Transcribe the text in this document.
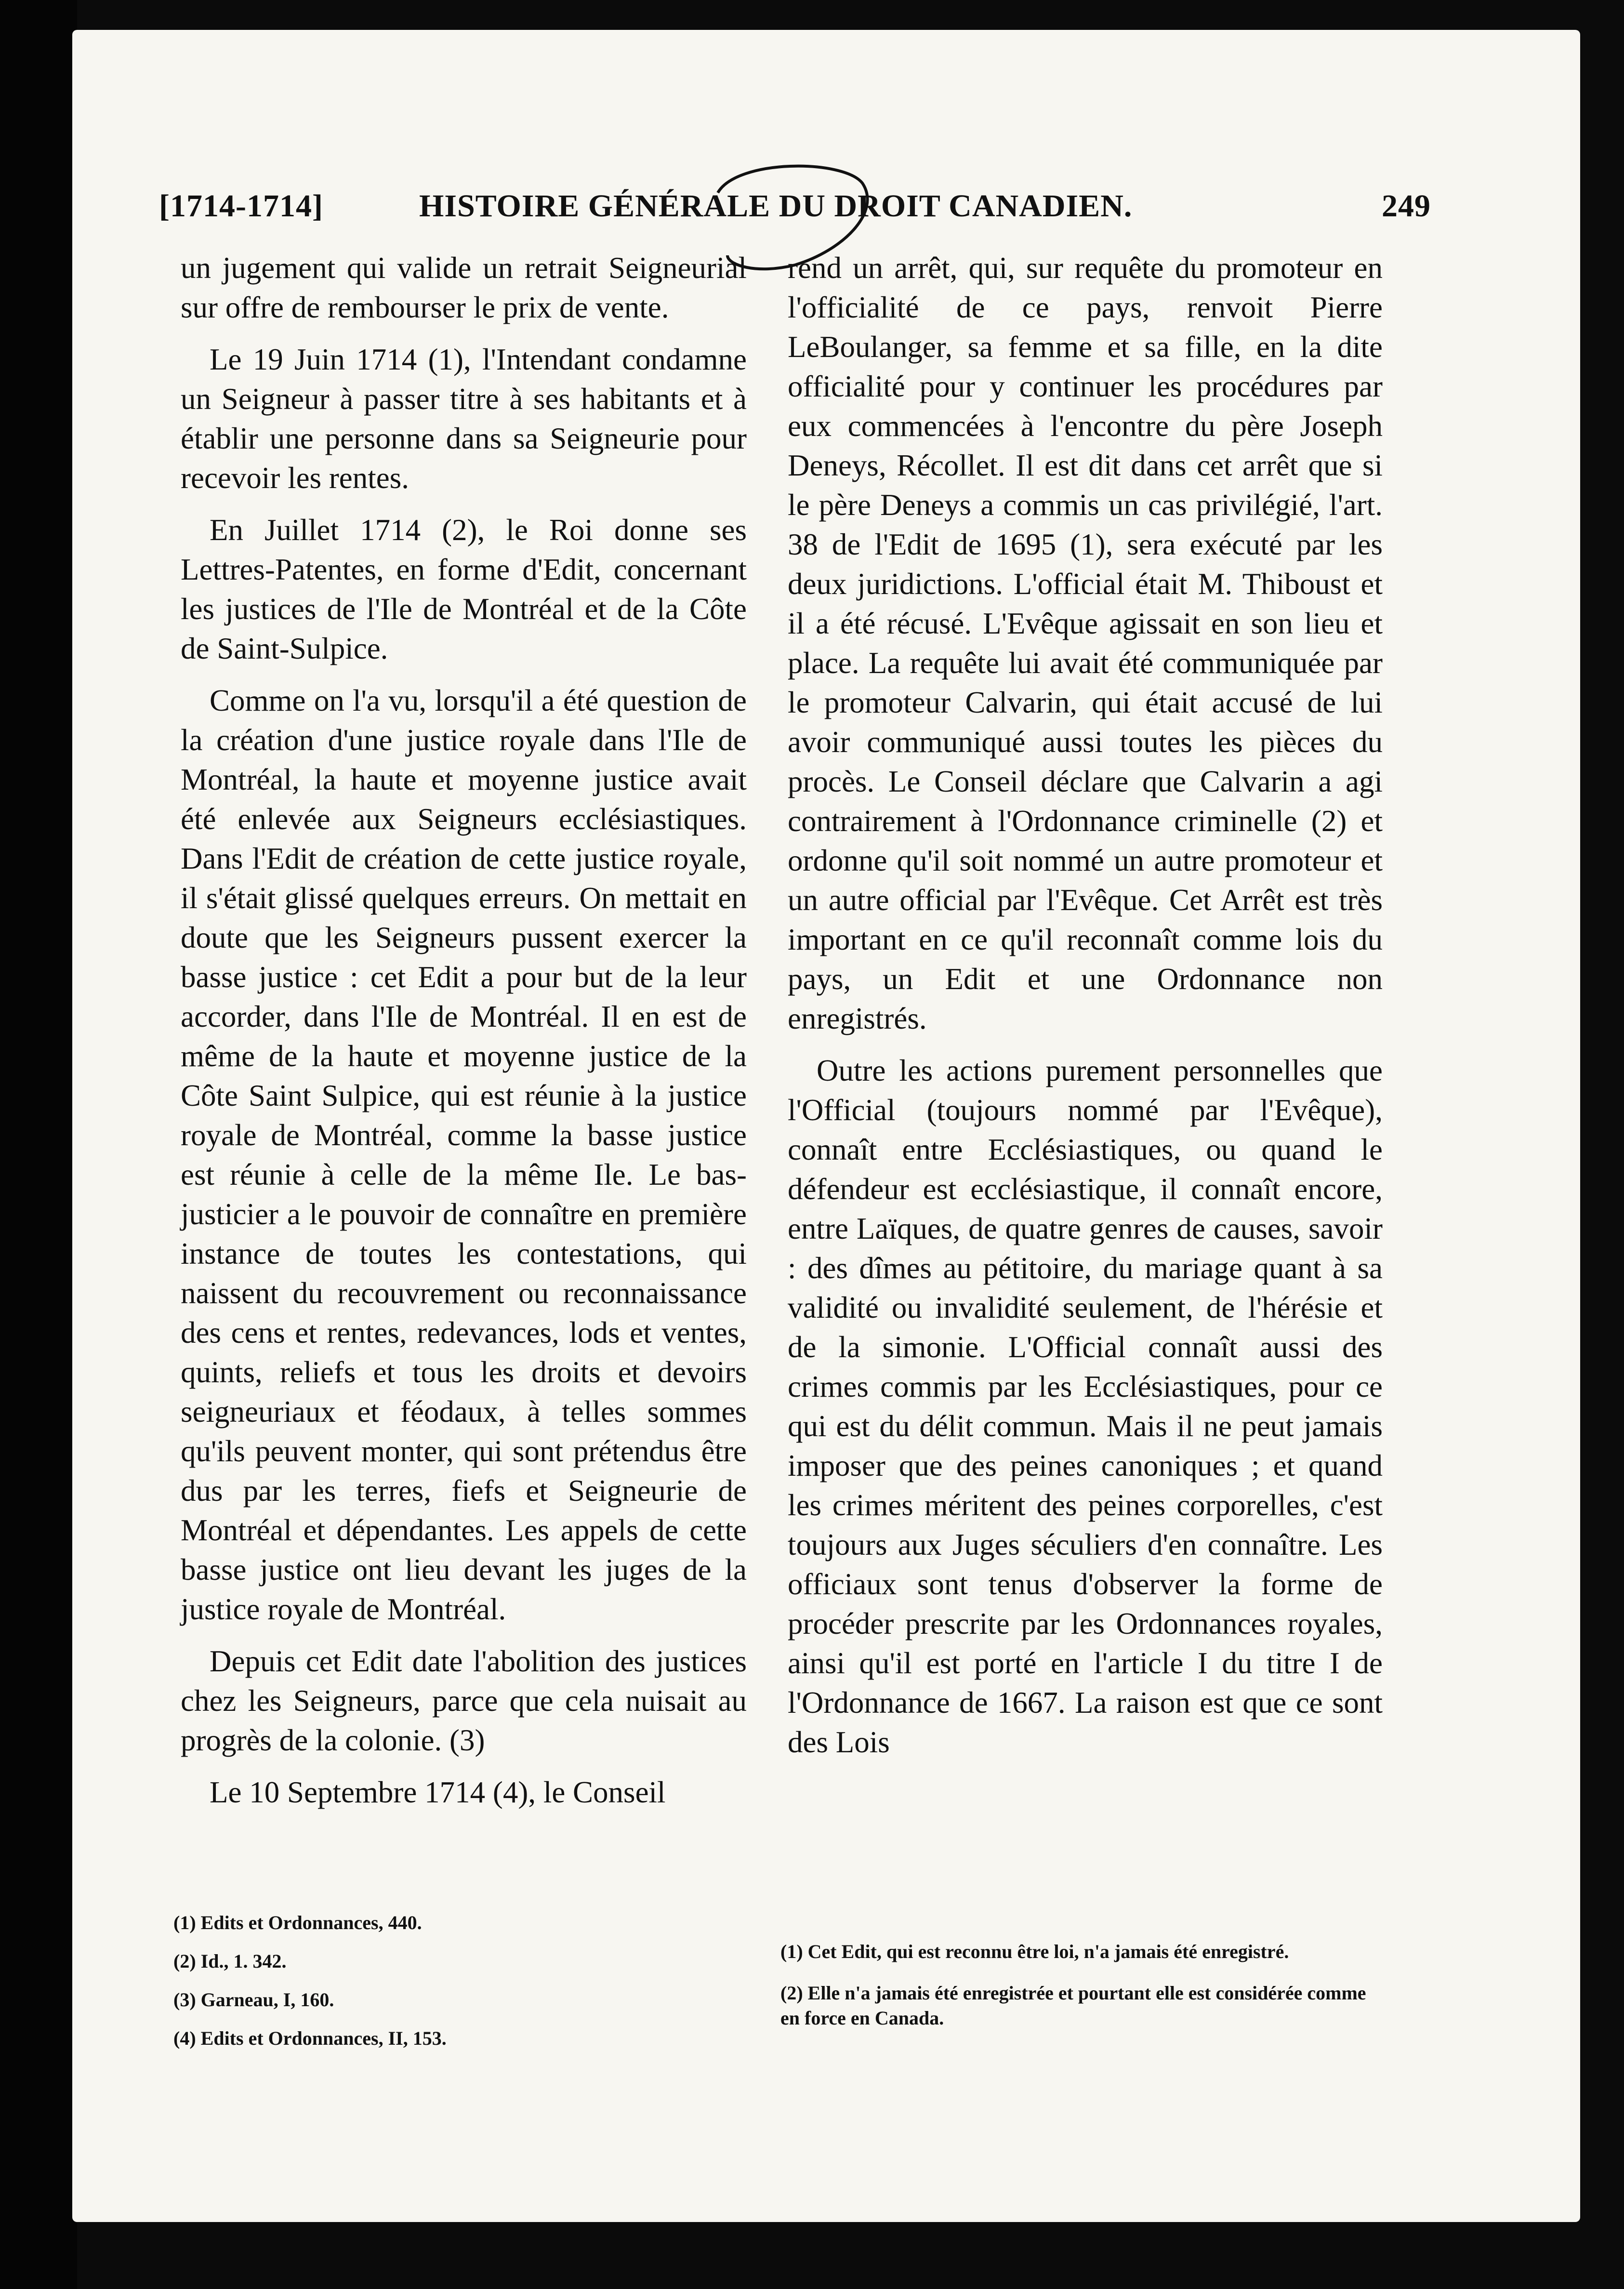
[1714-1714]	HISTOIRE GÉNÉRALE DU DROIT CANADIEN.	249

un jugement qui valide un retrait Seigneurial sur offre de rembourser le prix de vente.

Le 19 Juin 1714 (1), l'Intendant condamne un Seigneur à passer titre à ses habitants et à établir une personne dans sa Seigneurie pour recevoir les rentes.

En Juillet 1714 (2), le Roi donne ses Lettres-Patentes, en forme d'Edit, concernant les justices de l'Ile de Montréal et de la Côte de Saint-Sulpice.

Comme on l'a vu, lorsqu'il a été question de la création d'une justice royale dans l'Ile de Montréal, la haute et moyenne justice avait été enlevée aux Seigneurs ecclésiastiques. Dans l'Edit de création de cette justice royale, il s'était glissé quelques erreurs. On mettait en doute que les Seigneurs pussent exercer la basse justice : cet Edit a pour but de la leur accorder, dans l'Ile de Montréal. Il en est de même de la haute et moyenne justice de la Côte Saint Sulpice, qui est réunie à la justice royale de Montréal, comme la basse justice est réunie à celle de la même Ile. Le bas-justicier a le pouvoir de connaître en première instance de toutes les contestations, qui naissent du recouvrement ou reconnaissance des cens et rentes, redevances, lods et ventes, quints, reliefs et tous les droits et devoirs seigneuriaux et féodaux, à telles sommes qu'ils peuvent monter, qui sont prétendus être dus par les terres, fiefs et Seigneurie de Montréal et dépendantes. Les appels de cette basse justice ont lieu devant les juges de la justice royale de Montréal.

Depuis cet Edit date l'abolition des justices chez les Seigneurs, parce que cela nuisait au progrès de la colonie. (3)

Le 10 Septembre 1714 (4), le Conseil

rend un arrêt, qui, sur requête du promoteur en l'officialité de ce pays, renvoit Pierre LeBoulanger, sa femme et sa fille, en la dite officialité pour y continuer les procédures par eux commencées à l'encontre du père Joseph Deneys, Récollet. Il est dit dans cet arrêt que si le père Deneys a commis un cas privilégié, l'art. 38 de l'Edit de 1695 (1), sera exécuté par les deux juridictions. L'official était M. Thiboust et il a été récusé. L'Evêque agissait en son lieu et place. La requête lui avait été communiquée par le promoteur Calvarin, qui était accusé de lui avoir communiqué aussi toutes les pièces du procès. Le Conseil déclare que Calvarin a agi contrairement à l'Ordonnance criminelle (2) et ordonne qu'il soit nommé un autre promoteur et un autre official par l'Evêque. Cet Arrêt est très important en ce qu'il reconnaît comme lois du pays, un Edit et une Ordonnance non enregistrés.

Outre les actions purement personnelles que l'Official (toujours nommé par l'Evêque), connaît entre Ecclésiastiques, ou quand le défendeur est ecclésiastique, il connaît encore, entre Laïques, de quatre genres de causes, savoir : des dîmes au pétitoire, du mariage quant à sa validité ou invalidité seulement, de l'hérésie et de la simonie. L'Official connaît aussi des crimes commis par les Ecclésiastiques, pour ce qui est du délit commun. Mais il ne peut jamais imposer que des peines canoniques ; et quand les crimes méritent des peines corporelles, c'est toujours aux Juges séculiers d'en connaître. Les officiaux sont tenus d'observer la forme de procéder prescrite par les Ordonnances royales, ainsi qu'il est porté en l'article I du titre I de l'Ordonnance de 1667. La raison est que ce sont des Lois

(1) Edits et Ordonnances, 440.
(2) Id., 1. 342.
(3) Garneau, I, 160.
(4) Edits et Ordonnances, II, 153.
(1) Cet Edit, qui est reconnu être loi, n'a jamais été enregistré.
(2) Elle n'a jamais été enregistrée et pourtant elle est considérée comme en force en Canada.
